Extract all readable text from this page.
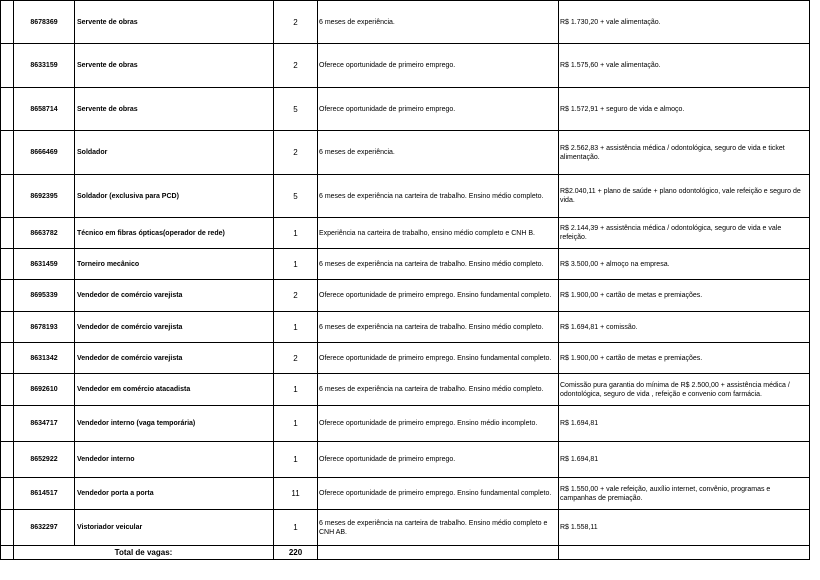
	8678369	Servente de obras	2	6 meses de experiência.	R$ 1.730,20 + vale alimentação.
	8633159	Servente de obras	2	Oferece oportunidade de primeiro emprego.	R$ 1.575,60 + vale alimentação.
	8658714	Servente de obras	5	Oferece oportunidade de primeiro emprego.	R$ 1.572,91 + seguro de vida e almoço.
	8666469	Soldador	2	6 meses de experiência.	R$ 2.562,83 + assistência médica / odontológica, seguro de vida e ticket alimentação.
	8692395	Soldador (exclusiva para PCD)	5	6 meses de experiência na carteira de trabalho. Ensino médio completo.	R$2.040,11 + plano de saúde + plano odontológico, vale refeição e seguro de vida.
	8663782	Técnico em fibras ópticas(operador de rede)	1	Experiência na carteira de trabalho, ensino médio completo e CNH B.	R$ 2.144,39 + assistência médica / odontológica, seguro de vida e vale refeição.
	8631459	Torneiro mecânico	1	6 meses de experiência na carteira de trabalho. Ensino médio completo.	R$ 3.500,00 + almoço na empresa.
	8695339	Vendedor de comércio varejista	2	Oferece oportunidade de primeiro emprego. Ensino fundamental completo.	R$ 1.900,00 + cartão de metas e premiações.
	8678193	Vendedor de comércio varejista	1	6 meses de experiência na carteira de trabalho. Ensino médio completo.	R$ 1.694,81 + comissão.
	8631342	Vendedor de comércio varejista	2	Oferece oportunidade de primeiro emprego. Ensino fundamental completo.	R$ 1.900,00 + cartão de metas e premiações.
	8692610	Vendedor em comércio atacadista	1	6 meses de experiência na carteira de trabalho. Ensino médio completo.	Comissão pura garantia do mínima de R$ 2.500,00 + assistência médica / odontológica, seguro de vida , refeição e convenio com farmácia.
	8634717	Vendedor interno (vaga temporária)	1	Oferece oportunidade de primeiro emprego. Ensino médio incompleto.	R$ 1.694,81
	8652922	Vendedor interno	1	Oferece oportunidade de primeiro emprego.	R$ 1.694,81
	8614517	Vendedor porta a porta	11	Oferece oportunidade de primeiro emprego. Ensino fundamental completo.	R$ 1.550,00 + vale refeição, auxílio internet, convênio, programas e campanhas de premiação.
	8632297	Vistoriador veicular	1	6 meses de experiência na carteira de trabalho. Ensino médio completo e CNH AB.	R$ 1.558,11
	Total de vagas:		220		
